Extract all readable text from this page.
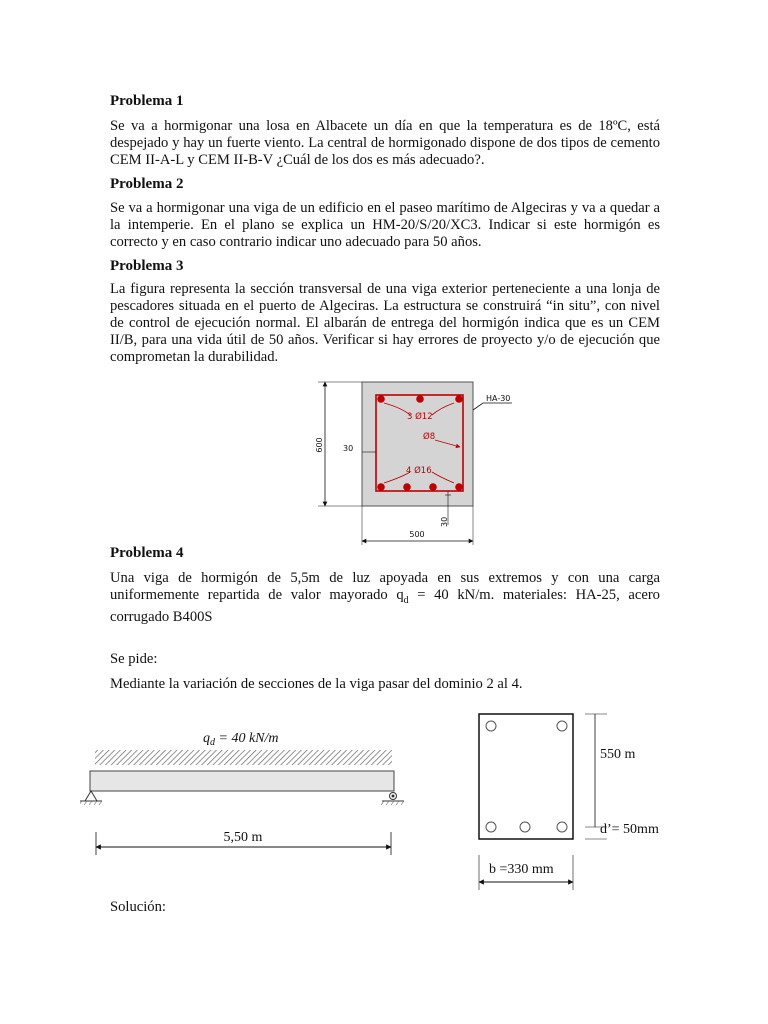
Problema 1
Se va a hormigonar una losa en Albacete un día en que la temperatura es de 18ºC, está despejado y hay un fuerte viento. La central de hormigonado dispone de dos tipos de cemento CEM II-A-L y CEM II-B-V ¿Cuál de los dos es más adecuado?.
Problema 2
Se va a hormigonar una viga de un edificio en el paseo marítimo de Algeciras y va a quedar a la intemperie. En el plano se explica un HM-20/S/20/XC3. Indicar si este hormigón es correcto y en caso contrario indicar uno adecuado para 50 años.
Problema 3
La figura representa la sección transversal de una viga exterior perteneciente a una lonja de pescadores situada en el puerto de Algeciras. La estructura se construirá “in situ”, con nivel de control de ejecución normal. El albarán de entrega del hormigón indica que es un CEM II/B, para una vida útil de 50 años. Verificar si hay errores de proyecto y/o de ejecución que comprometan la durabilidad.
3 Ø12
Ø8
4 Ø16
HA-30
600 30
30
500
Problema 4
Una viga de hormigón de 5,5m de luz apoyada en sus extremos y con una carga uniformemente repartida de valor mayorado $q_d = 40$ kN/m. materiales: HA-25, acero corrugado B400S
Se pide:
Mediante la variación de secciones de la viga pasar del dominio 2 al 4.
$q_d = 40$ kN/m
5,50 m
550 m
d’= 50mm
b =330 mm
Solución:
